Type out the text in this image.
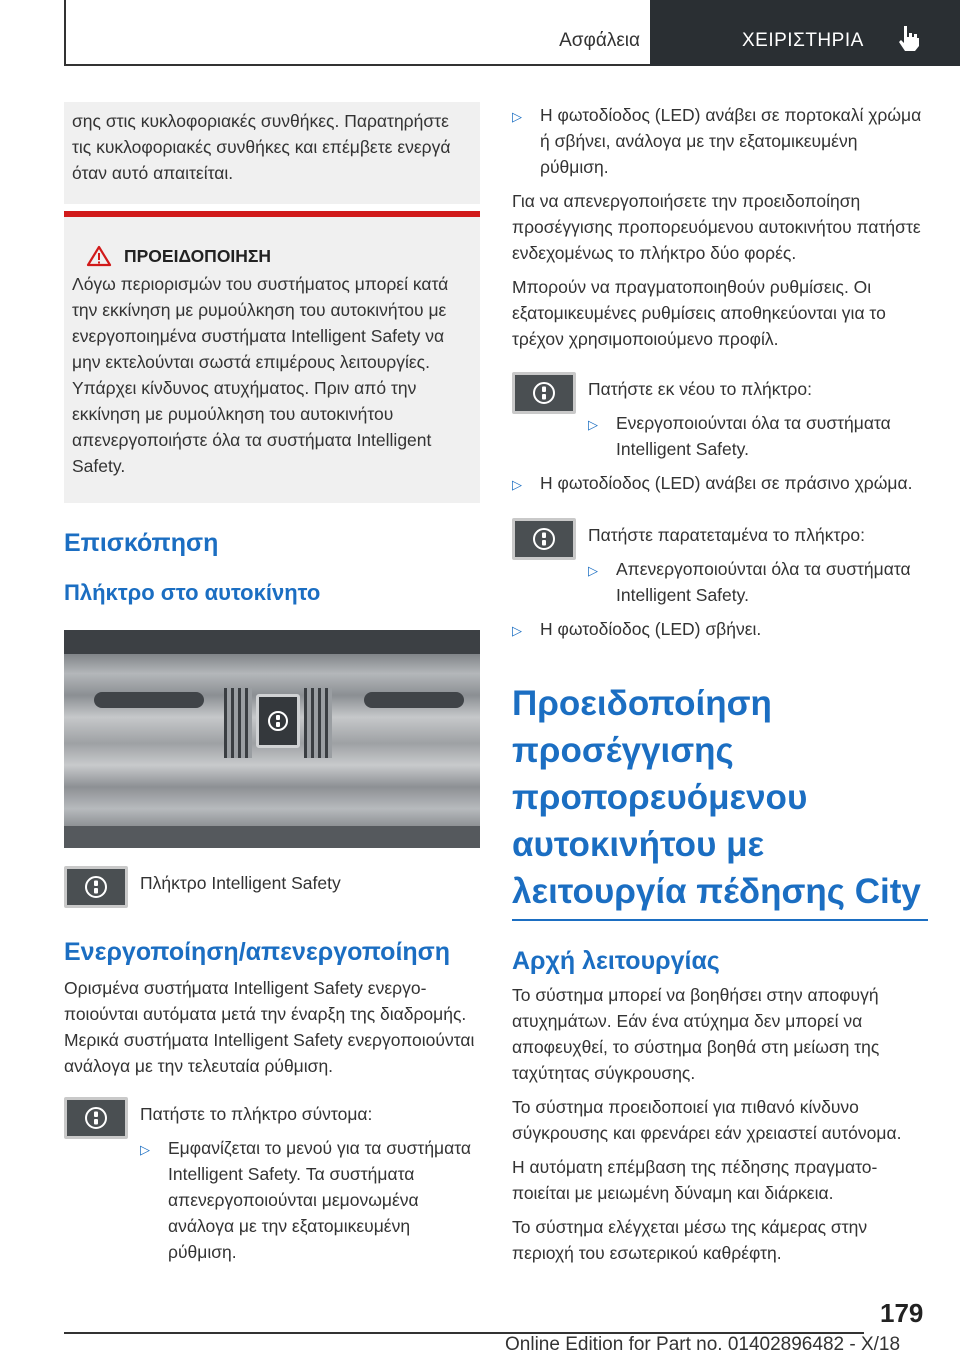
Ασφάλεια	ΧΕΙΡΙΣΤΗΡΙΑ

σης στις κυκλοφοριακές συνθήκες. Παρατηρήστε τις κυκλοφοριακές συνθήκες και επέμβετε ενεργά όταν αυτό απαιτείται.

ΠΡΟΕΙΔΟΠΟΙΗΣΗ

Λόγω περιορισμών του συστήματος μπορεί κατά την εκκίνηση με ρυμούλκηση του αυτοκινήτου με ενεργοποιημένα συστήματα Intelligent Safety να μην εκτελούνται σωστά επιμέρους λειτουργίες. Υπάρχει κίνδυνος ατυχήματος. Πριν από την εκκίνηση με ρυμούλκηση του αυτοκινήτου απενεργοποιήστε όλα τα συστήματα Intelligent Safety.

Επισκόπηση
Πλήκτρο στο αυτοκίνητο
Πλήκτρο Intelligent Safety
Ενεργοποίηση/απενεργοποίηση

Ορισμένα συστήματα Intelligent Safety ενεργοποιούνται αυτόματα μετά την έναρξη της διαδρομής. Μερικά συστήματα Intelligent Safety ενεργοποιούνται ανάλογα με την τελευταία ρύθμιση.

Πατήστε το πλήκτρο σύντομα:
▷	Εμφανίζεται το μενού για τα συστήματα Intelligent Safety. Τα συστήματα απενεργοποιούνται μεμονωμένα ανάλογα με την εξατομικευμένη ρύθμιση.
▷	Η φωτοδίοδος (LED) ανάβει σε πορτοκαλί χρώμα ή σβήνει, ανάλογα με την εξατομικευμένη ρύθμιση.

Για να απενεργοποιήσετε την προειδοποίηση προσέγγισης προπορευόμενου αυτοκινήτου πατήστε ενδεχομένως το πλήκτρο δύο φορές.

Μπορούν να πραγματοποιηθούν ρυθμίσεις. Οι εξατομικευμένες ρυθμίσεις αποθηκεύονται για το τρέχον χρησιμοποιούμενο προφίλ.

Πατήστε εκ νέου το πλήκτρο:
▷	Ενεργοποιούνται όλα τα συστήματα Intelligent Safety.
▷	Η φωτοδίοδος (LED) ανάβει σε πράσινο χρώμα.
Πατήστε παρατεταμένα το πλήκτρο:
▷	Απενεργοποιούνται όλα τα συστήματα Intelligent Safety.
▷	Η φωτοδίοδος (LED) σβήνει.
Προειδοποίηση προσέγγισης προπορευόμενου αυτοκινήτου με λειτουργία πέδησης City
Αρχή λειτουργίας

Το σύστημα μπορεί να βοηθήσει στην αποφυγή ατυχημάτων. Εάν ένα ατύχημα δεν μπορεί να αποφευχθεί, το σύστημα βοηθά στη μείωση της ταχύτητας σύγκρουσης.

Το σύστημα προειδοποιεί για πιθανό κίνδυνο σύγκρουσης και φρενάρει εάν χρειαστεί αυτόνομα.

Η αυτόματη επέμβαση της πέδησης πραγματοποιείται με μειωμένη δύναμη και διάρκεια.

Το σύστημα ελέγχεται μέσω της κάμερας στην περιοχή του εσωτερικού καθρέφτη.

179
Online Edition for Part no. 01402896482 - X/18
